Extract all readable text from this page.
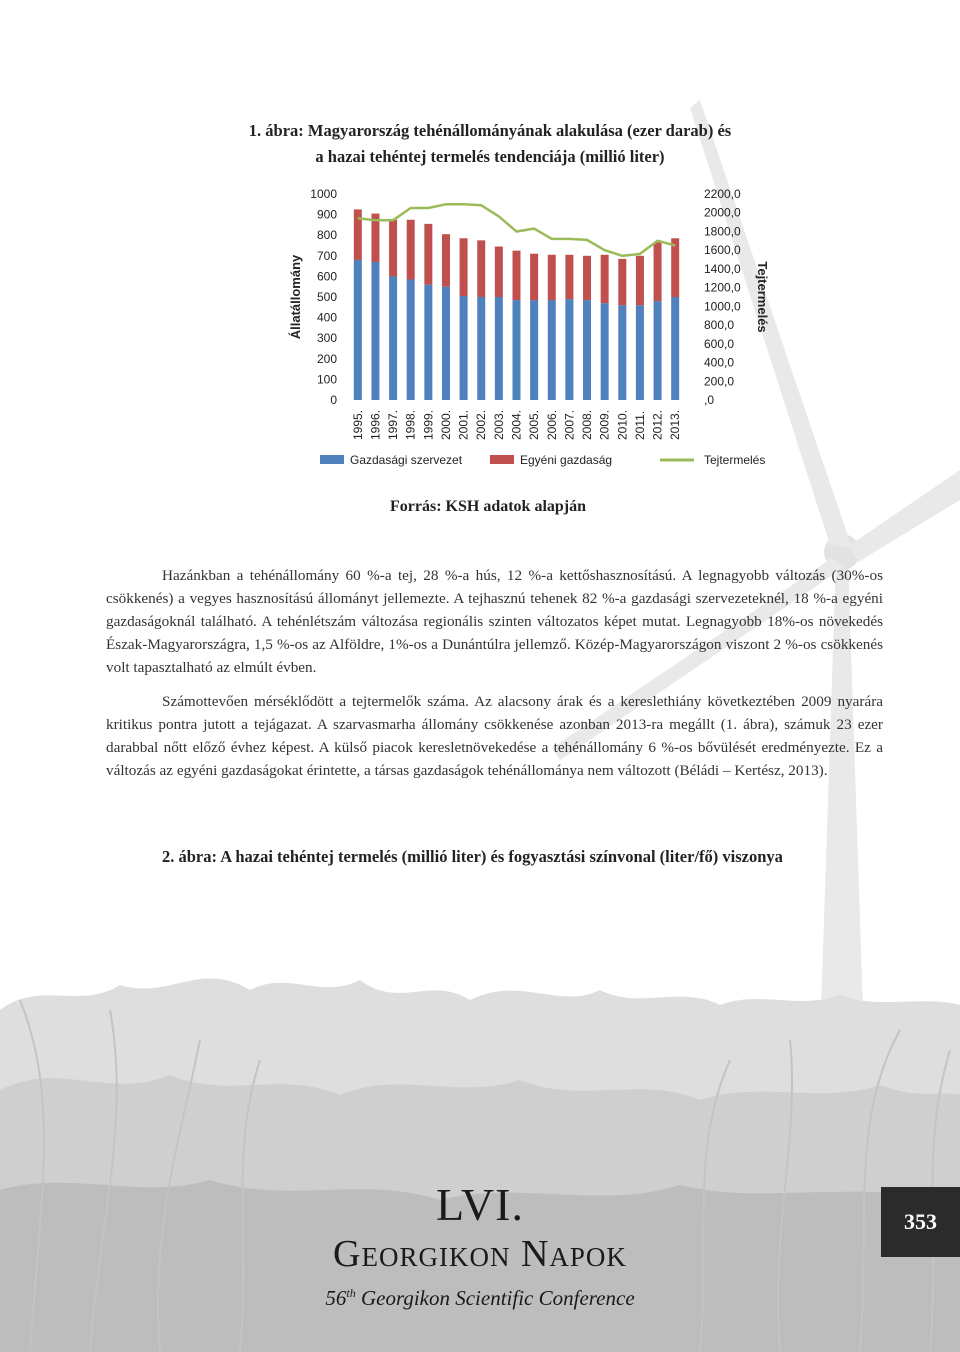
1. ábra: Magyarország tehénállományának alakulása (ezer darab) és
a hazai tehéntej termelés tendenciája (millió liter)
0
100
200
300
400
500
600
700
800
900
1000
,0
200,0
400,0
600,0
800,0
1000,0
1200,0
1400,0
1600,0
1800,0
2000,0
2200,0
Állatállomány	Tejtermelés
1995. 1996. 1997. 1998. 1999. 2000. 2001. 2002. 2003. 2004. 2005. 2006. 2007. 2008. 2009. 2010. 2011. 2012. 2013.
Gazdasági szervezet	Egyéni gazdaság	Tejtermelés
Forrás: KSH adatok alapján

Hazánkban a tehénállomány 60 %-a tej, 28 %-a hús, 12 %-a kettőshasznosítású. A legnagyobb változás (30%-os csökkenés) a vegyes hasznosítású állományt jellemezte. A tejhasznú tehenek 82 %-a gazdasági szervezeteknél, 18 %-a egyéni gazdaságoknál található. A tehénlétszám változása regionális szinten változatos képet mutat. Legnagyobb 18%-os növekedés Észak-Magyarországra, 1,5 %-os az Alföldre, 1%-os a Dunántúlra jellemző. Közép-Magyarországon viszont 2 %-os csökkenés volt tapasztalható az elmúlt évben.

Számottevően mérséklődött a tejtermelők száma. Az alacsony árak és a kereslethiány következtében 2009 nyarára kritikus pontra jutott a tejágazat. A szarvasmarha állomány csökkenése azonban 2013-ra megállt (1. ábra), számuk 23 ezer darabbal nőtt előző évhez képest. A külső piacok keresletnövekedése a tehénállomány 6 %-os bővülését eredményezte. Ez a változás az egyéni gazdaságokat érintette, a társas gazdaságok tehénállománya nem változott (Béládi – Kertész, 2013).

2. ábra: A hazai tehéntej termelés (millió liter) és fogyasztási színvonal (liter/fő) viszonya
LVI.
Georgikon Napok
56th Georgikon Scientific Conference
353
